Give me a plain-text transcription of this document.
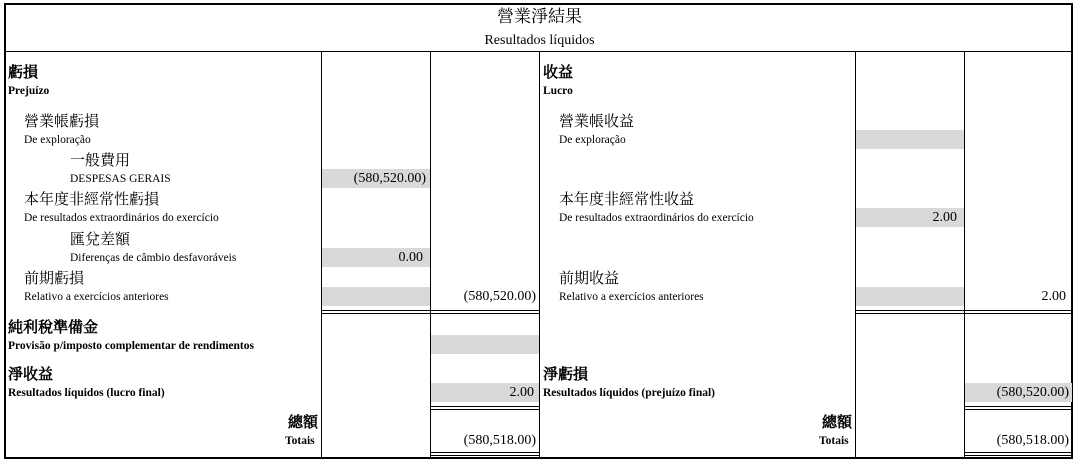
營業淨結果
Resultados líquidos
虧損
Prejuízo
營業帳虧損
De exploração
一般費用
DESPESAS GERAIS	(580,520.00)
本年度非經常性虧損
De resultados extraordinários do exercício
匯兌差額
Diferenças de câmbio desfavoráveis	0.00
前期虧損
Relativo a exercícios anteriores	(580,520.00)
純利稅準備金
Provisão p/imposto complementar de rendimentos
淨收益
Resultados líquidos (lucro final)	2.00
總額
Totais	(580,518.00)
收益
Lucro
營業帳收益
De exploração
本年度非經常性收益
De resultados extraordinários do exercício	2.00
前期收益
Relativo a exercícios anteriores	2.00
淨虧損
Resultados líquidos (prejuízo final)	(580,520.00)
總額
Totais	(580,518.00)
